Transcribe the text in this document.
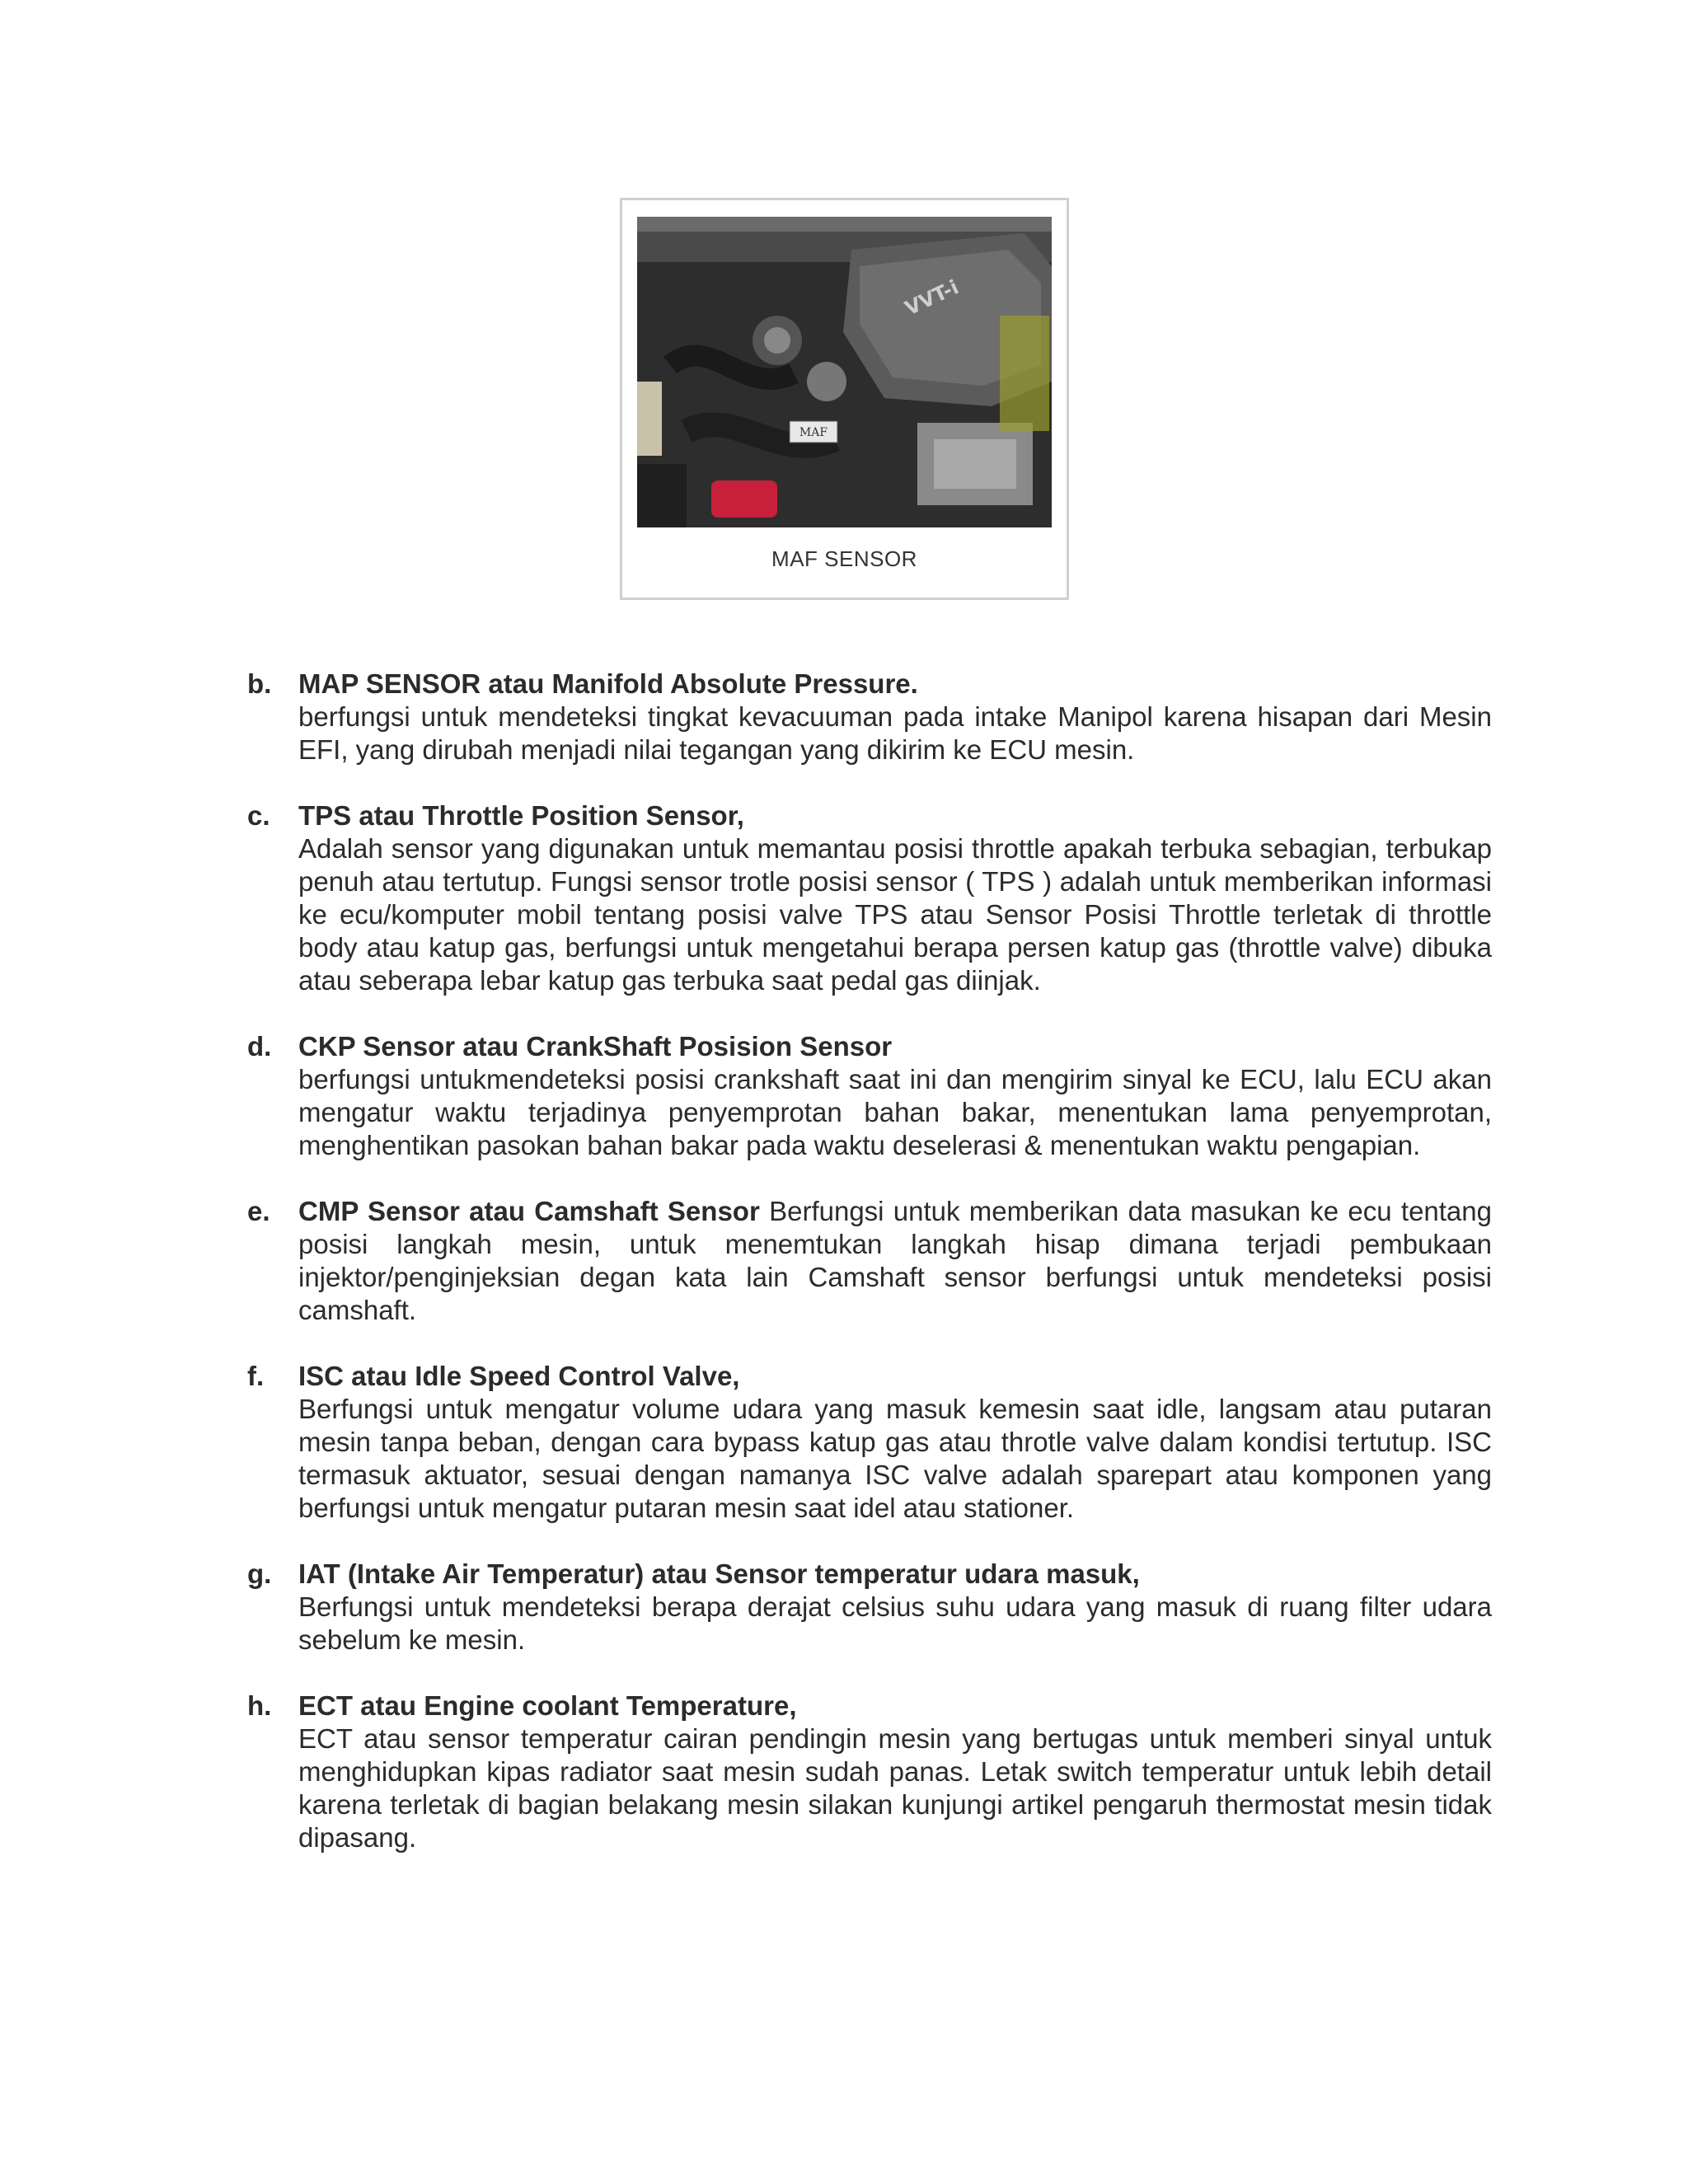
VVT-i
MAF
MAF SENSOR
b. MAP SENSOR atau Manifold Absolute Pressure.
berfungsi untuk mendeteksi tingkat kevacuuman pada intake Manipol karena hisapan dari Mesin EFI, yang dirubah menjadi nilai tegangan yang dikirim ke ECU mesin.
c. TPS atau Throttle Position Sensor,
Adalah sensor yang digunakan untuk memantau posisi throttle apakah terbuka sebagian, terbukap penuh atau tertutup. Fungsi sensor trotle posisi sensor ( TPS ) adalah untuk memberikan informasi ke ecu/komputer mobil tentang posisi valve TPS atau Sensor Posisi Throttle terletak di throttle body atau katup gas, berfungsi untuk mengetahui berapa persen katup gas (throttle valve) dibuka atau seberapa lebar katup gas terbuka saat pedal gas diinjak.
d. CKP Sensor atau CrankShaft Posision Sensor
berfungsi untukmendeteksi posisi crankshaft saat ini dan mengirim sinyal ke ECU, lalu ECU akan mengatur waktu terjadinya penyemprotan bahan bakar, menentukan lama penyemprotan, menghentikan pasokan bahan bakar pada waktu deselerasi & menentukan waktu pengapian.
e. CMP Sensor atau Camshaft Sensor Berfungsi untuk memberikan data masukan ke ecu tentang posisi langkah mesin, untuk menemtukan langkah hisap dimana terjadi pembukaan injektor/penginjeksian degan kata lain Camshaft sensor berfungsi untuk mendeteksi posisi camshaft.
f. ISC atau Idle Speed Control Valve,
Berfungsi untuk mengatur volume udara yang masuk kemesin saat idle, langsam atau putaran mesin tanpa beban, dengan cara bypass katup gas atau throtle valve dalam kondisi tertutup. ISC termasuk aktuator, sesuai dengan namanya ISC valve adalah sparepart atau komponen yang berfungsi untuk mengatur putaran mesin saat idel atau stationer.
g. IAT (Intake Air Temperatur) atau Sensor temperatur udara masuk,
Berfungsi untuk mendeteksi berapa derajat celsius suhu udara yang masuk di ruang filter udara sebelum ke mesin.
h. ECT atau Engine coolant Temperature,
ECT atau sensor temperatur cairan pendingin mesin yang bertugas untuk memberi sinyal untuk menghidupkan kipas radiator saat mesin sudah panas. Letak switch temperatur untuk lebih detail karena terletak di bagian belakang mesin silakan kunjungi artikel pengaruh thermostat mesin tidak dipasang.
